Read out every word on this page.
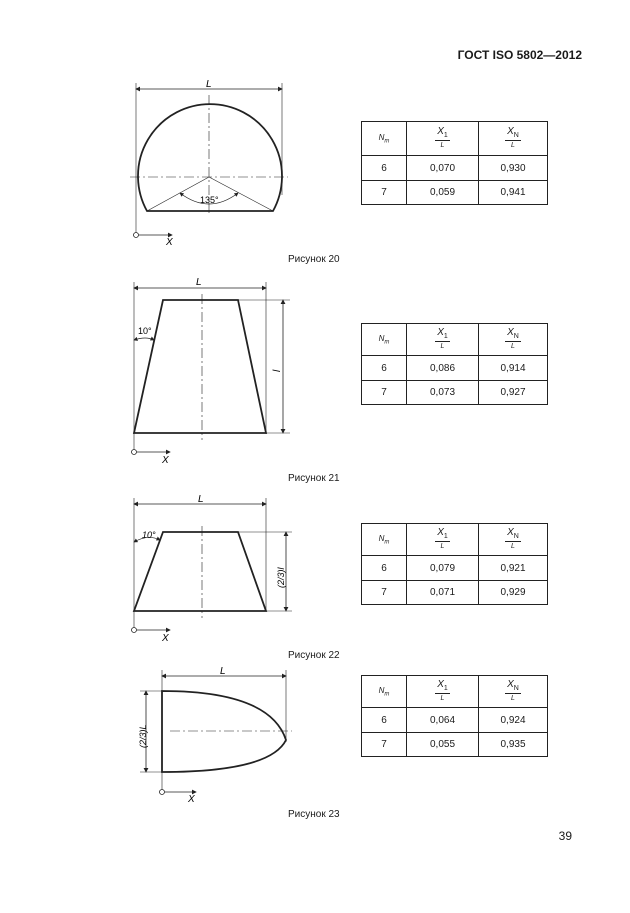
ГОСТ ISO 5802—2012
L
135°
X
$N_т$	$\frac{X_1}{L}$	$\frac{X_N}{L}$

6	0,070	0,930
7	0,059	0,941
Рисунок 20
L
l
10°
X
$N_т$	$\frac{X_1}{L}$	$\frac{X_N}{L}$

6	0,086	0,914
7	0,073	0,927
Рисунок 21
L
(2/3)l
10°
X
$N_т$	$\frac{X_1}{L}$	$\frac{X_N}{L}$

6	0,079	0,921
7	0,071	0,929
Рисунок 22
L
(2/3)L
X
$N_т$	$\frac{X_1}{L}$	$\frac{X_N}{L}$

6	0,064	0,924
7	0,055	0,935
Рисунок 23
39
